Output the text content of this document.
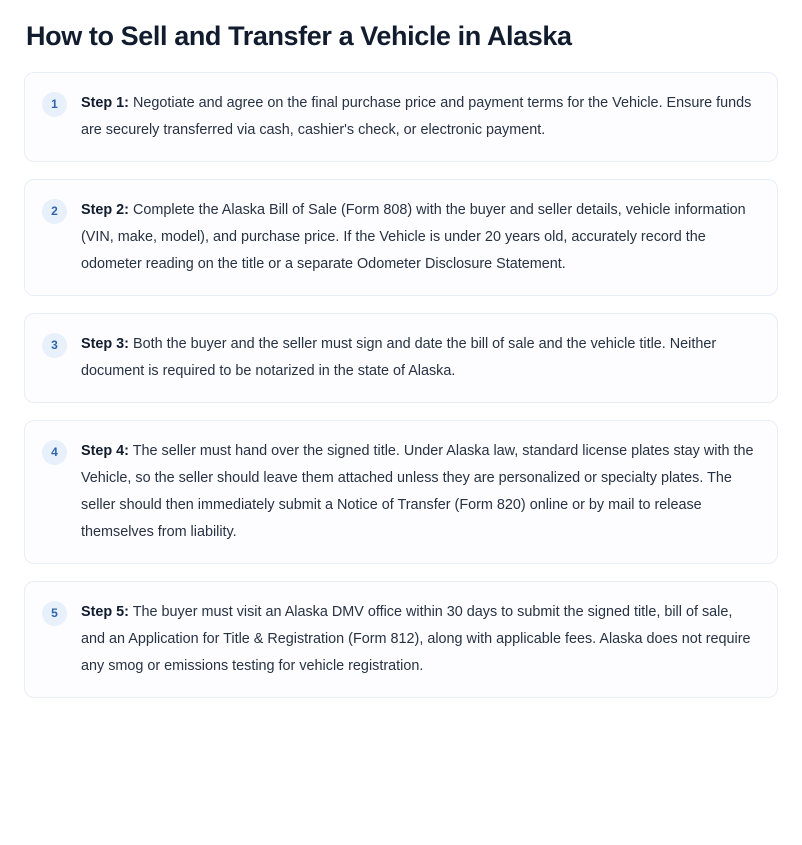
How to Sell and Transfer a Vehicle in Alaska
1	Step 1: Negotiate and agree on the final purchase price and payment terms for the Vehicle. Ensure funds are securely transferred via cash, cashier's check, or electronic payment.
2	Step 2: Complete the Alaska Bill of Sale (Form 808) with the buyer and seller details, vehicle information (VIN, make, model), and purchase price. If the Vehicle is under 20 years old, accurately record the odometer reading on the title or a separate Odometer Disclosure Statement.
3	Step 3: Both the buyer and the seller must sign and date the bill of sale and the vehicle title. Neither document is required to be notarized in the state of Alaska.
4	Step 4: The seller must hand over the signed title. Under Alaska law, standard license plates stay with the Vehicle, so the seller should leave them attached unless they are personalized or specialty plates. The seller should then immediately submit a Notice of Transfer (Form 820) online or by mail to release themselves from liability.
5	Step 5: The buyer must visit an Alaska DMV office within 30 days to submit the signed title, bill of sale, and an Application for Title & Registration (Form 812), along with applicable fees. Alaska does not require any smog or emissions testing for vehicle registration.
